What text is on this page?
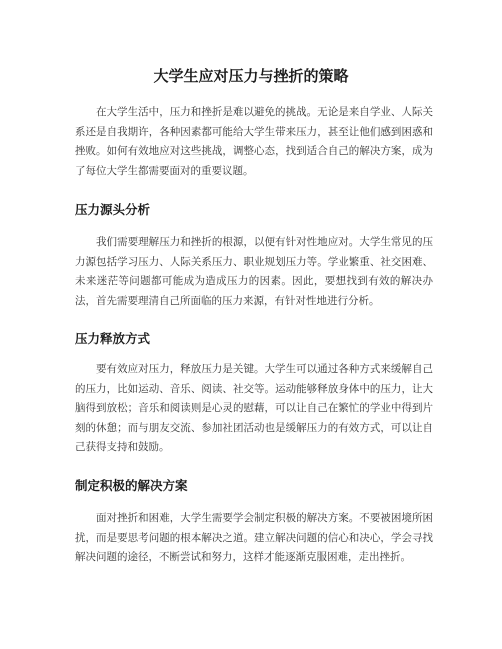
大学生应对压力与挫折的策略

在大学生活中，压力和挫折是难以避免的挑战。无论是来自学业、人际关系还是自我期许，各种因素都可能给大学生带来压力，甚至让他们感到困惑和挫败。如何有效地应对这些挑战，调整心态，找到适合自己的解决方案，成为了每位大学生都需要面对的重要议题。

压力源头分析

我们需要理解压力和挫折的根源，以便有针对性地应对。大学生常见的压力源包括学习压力、人际关系压力、职业规划压力等。学业繁重、社交困难、未来迷茫等问题都可能成为造成压力的因素。因此，要想找到有效的解决办法，首先需要理清自己所面临的压力来源，有针对性地进行分析。

压力释放方式

要有效应对压力，释放压力是关键。大学生可以通过各种方式来缓解自己的压力，比如运动、音乐、阅读、社交等。运动能够释放身体中的压力，让大脑得到放松；音乐和阅读则是心灵的慰藉，可以让自己在繁忙的学业中得到片刻的休憩；而与朋友交流、参加社团活动也是缓解压力的有效方式，可以让自己获得支持和鼓励。

制定积极的解决方案

面对挫折和困难，大学生需要学会制定积极的解决方案。不要被困境所困扰，而是要思考问题的根本解决之道。建立解决问题的信心和决心，学会寻找解决问题的途径，不断尝试和努力，这样才能逐渐克服困难，走出挫折。
